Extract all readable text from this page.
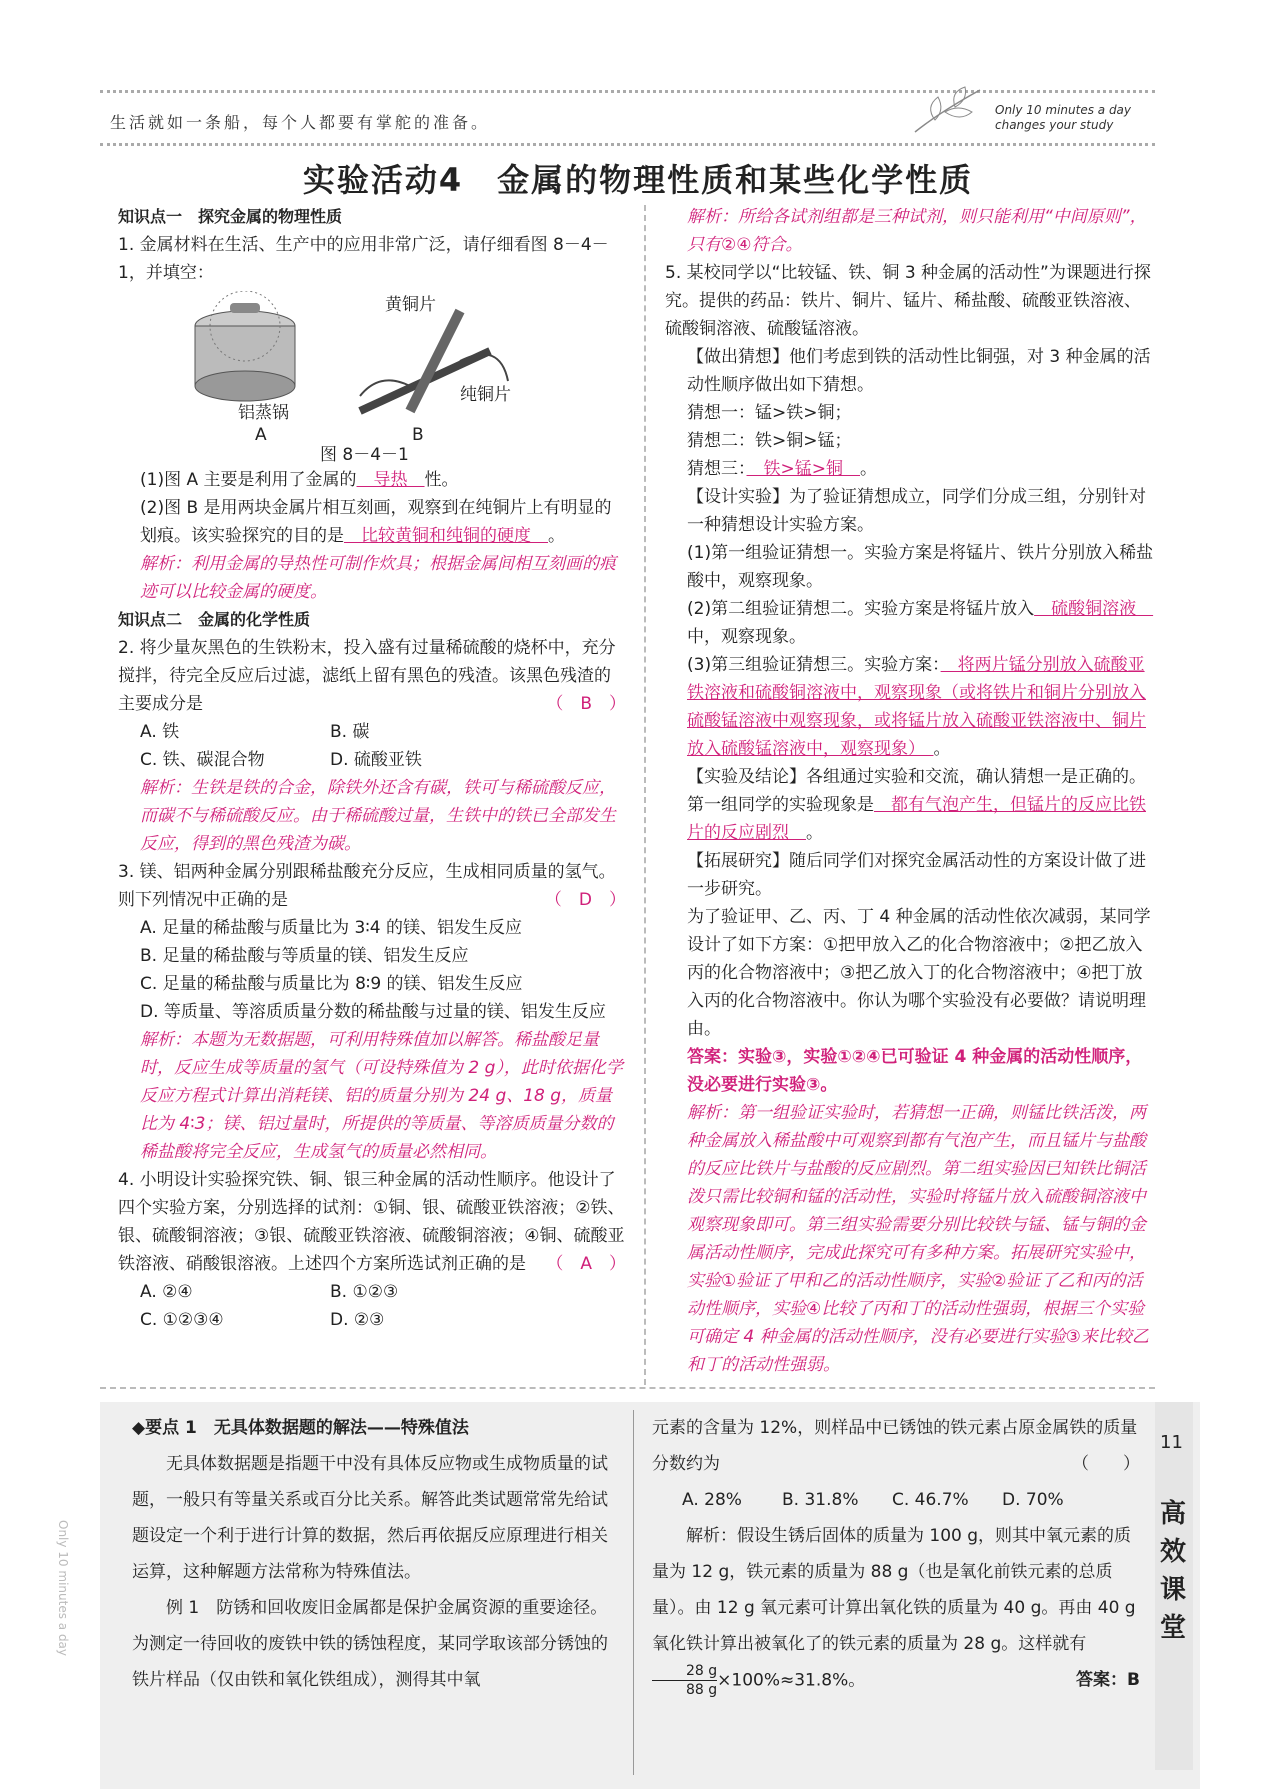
生活就如一条船，每个人都要有掌舵的准备。
Only 10 minutes a day
changes your study
实验活动4　金属的物理性质和某些化学性质

知识点一　探究金属的物理性质

1. 金属材料在生活、生产中的应用非常广泛，请仔细看图 8－4－1，并填空：

黄铜片
纯铜片
铝蒸锅
A	B
图 8－4－1

(1)图 A 主要是利用了金属的　导热　性。

(2)图 B 是用两块金属片相互刻画，观察到在纯铜片上有明显的划痕。该实验探究的目的是　比较黄铜和纯铜的硬度　。

解析：利用金属的导热性可制作炊具；根据金属间相互刻画的痕迹可以比较金属的硬度。

知识点二　金属的化学性质

2. 将少量灰黑色的生铁粉末，投入盛有过量稀硫酸的烧杯中，充分搅拌，待完全反应后过滤，滤纸上留有黑色的残渣。该黑色残渣的主要成分是	（　B　）

A. 铁	B. 碳
C. 铁、碳混合物	D. 硫酸亚铁

解析：生铁是铁的合金，除铁外还含有碳，铁可与稀硫酸反应，而碳不与稀硫酸反应。由于稀硫酸过量，生铁中的铁已全部发生反应，得到的黑色残渣为碳。

3. 镁、铝两种金属分别跟稀盐酸充分反应，生成相同质量的氢气。则下列情况中正确的是	（　D　）

A. 足量的稀盐酸与质量比为 3∶4 的镁、铝发生反应

B. 足量的稀盐酸与等质量的镁、铝发生反应

C. 足量的稀盐酸与质量比为 8∶9 的镁、铝发生反应

D. 等质量、等溶质质量分数的稀盐酸与过量的镁、铝发生反应

解析：本题为无数据题，可利用特殊值加以解答。稀盐酸足量时，反应生成等质量的氢气（可设特殊值为 2 g），此时依据化学反应方程式计算出消耗镁、铝的质量分别为 24 g、18 g，质量比为 4∶3；镁、铝过量时，所提供的等质量、等溶质质量分数的稀盐酸将完全反应，生成氢气的质量必然相同。

4. 小明设计实验探究铁、铜、银三种金属的活动性顺序。他设计了四个实验方案，分别选择的试剂：①铜、银、硫酸亚铁溶液；②铁、银、硫酸铜溶液；③银、硫酸亚铁溶液、硫酸铜溶液；④铜、硫酸亚铁溶液、硝酸银溶液。上述四个方案所选试剂正确的是 （　A　）

A. ②④	B. ①②③
C. ①②③④	D. ②③

解析：所给各试剂组都是三种试剂，则只能利用“中间原则”，只有②④符合。

5. 某校同学以“比较锰、铁、铜 3 种金属的活动性”为课题进行探究。提供的药品：铁片、铜片、锰片、稀盐酸、硫酸亚铁溶液、硫酸铜溶液、硫酸锰溶液。

【做出猜想】他们考虑到铁的活动性比铜强，对 3 种金属的活动性顺序做出如下猜想。

猜想一：锰>铁>铜；

猜想二：铁>铜>锰；

猜想三：　铁>锰>铜　。

【设计实验】为了验证猜想成立，同学们分成三组，分别针对一种猜想设计实验方案。

(1)第一组验证猜想一。实验方案是将锰片、铁片分别放入稀盐酸中，观察现象。

(2)第二组验证猜想二。实验方案是将锰片放入　硫酸铜溶液　中，观察现象。

(3)第三组验证猜想三。实验方案：　将两片锰分别放入硫酸亚铁溶液和硫酸铜溶液中，观察现象（或将铁片和铜片分别放入硫酸锰溶液中观察现象，或将锰片放入硫酸亚铁溶液中、铜片放入硫酸锰溶液中，观察现象）　。

【实验及结论】各组通过实验和交流，确认猜想一是正确的。第一组同学的实验现象是　都有气泡产生，但锰片的反应比铁片的反应剧烈　。

【拓展研究】随后同学们对探究金属活动性的方案设计做了进一步研究。

为了验证甲、乙、丙、丁 4 种金属的活动性依次减弱，某同学设计了如下方案：①把甲放入乙的化合物溶液中；②把乙放入丙的化合物溶液中；③把乙放入丁的化合物溶液中；④把丁放入丙的化合物溶液中。你认为哪个实验没有必要做？请说明理由。

答案：实验③，实验①②④已可验证 4 种金属的活动性顺序，没必要进行实验③。

解析：第一组验证实验时，若猜想一正确，则锰比铁活泼，两种金属放入稀盐酸中可观察到都有气泡产生，而且锰片与盐酸的反应比铁片与盐酸的反应剧烈。第二组实验因已知铁比铜活泼只需比较铜和锰的活动性，实验时将锰片放入硫酸铜溶液中观察现象即可。第三组实验需要分别比较铁与锰、锰与铜的金属活动性顺序，完成此探究可有多种方案。拓展研究实验中，实验①验证了甲和乙的活动性顺序，实验②验证了乙和丙的活动性顺序，实验④比较了丙和丁的活动性强弱，根据三个实验可确定 4 种金属的活动性顺序，没有必要进行实验③来比较乙和丁的活动性强弱。

Only 10 minutes a day

◆要点 1　无具体数据题的解法——特殊值法

无具体数据题是指题干中没有具体反应物或生成物质量的试题，一般只有等量关系或百分比关系。解答此类试题常常先给试题设定一个利于进行计算的数据，然后再依据反应原理进行相关运算，这种解题方法常称为特殊值法。

例 1　防锈和回收废旧金属都是保护金属资源的重要途径。为测定一待回收的废铁中铁的锈蚀程度，某同学取该部分锈蚀的铁片样品（仅由铁和氧化铁组成），测得其中氧

元素的含量为 12%，则样品中已锈蚀的铁元素占原金属铁的质量分数约为	（　　）

A. 28%	B. 31.8%	C. 46.7%	D. 70%

解析：假设生锈后固体的质量为 100 g，则其中氧元素的质量为 12 g，铁元素的质量为 88 g（也是氧化前铁元素的总质量）。由 12 g 氧元素可计算出氧化铁的质量为 40 g。再由 40 g 氧化铁计算出被氧化了的铁元素的质量为 28 g。这样就有
$\frac{28 g}{88 g} \times 100\%\approx 31.8\%$。	答案：B

11
高效课堂
